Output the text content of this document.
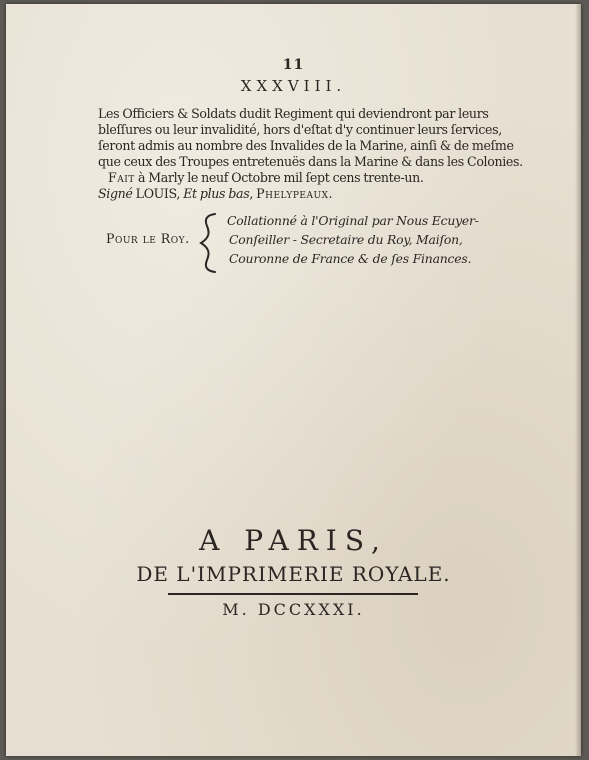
11
XXXVIII.
Les Officiers & Soldats dudit Regiment qui deviendront par leurs
bleſſures ou leur invalidité, hors d'eſtat d'y continuer leurs ſervices,
ſeront admis au nombre des Invalides de la Marine, ainſi & de meſme
que ceux des Troupes entretenuës dans la Marine & dans les Colonies.
Fait à Marly le neuf Octobre mil ſept cens trente-un.
Signé LOUIS, Et plus bas, Phelypeaux.
Pour le Roy.
Collationné à l'Original par Nous Ecuyer-
Conſeiller - Secretaire du Roy, Maiſon,
Couronne de France & de ſes Finances.
A PARIS,
DE L'IMPRIMERIE ROYALE.
M. DCCXXXI.
